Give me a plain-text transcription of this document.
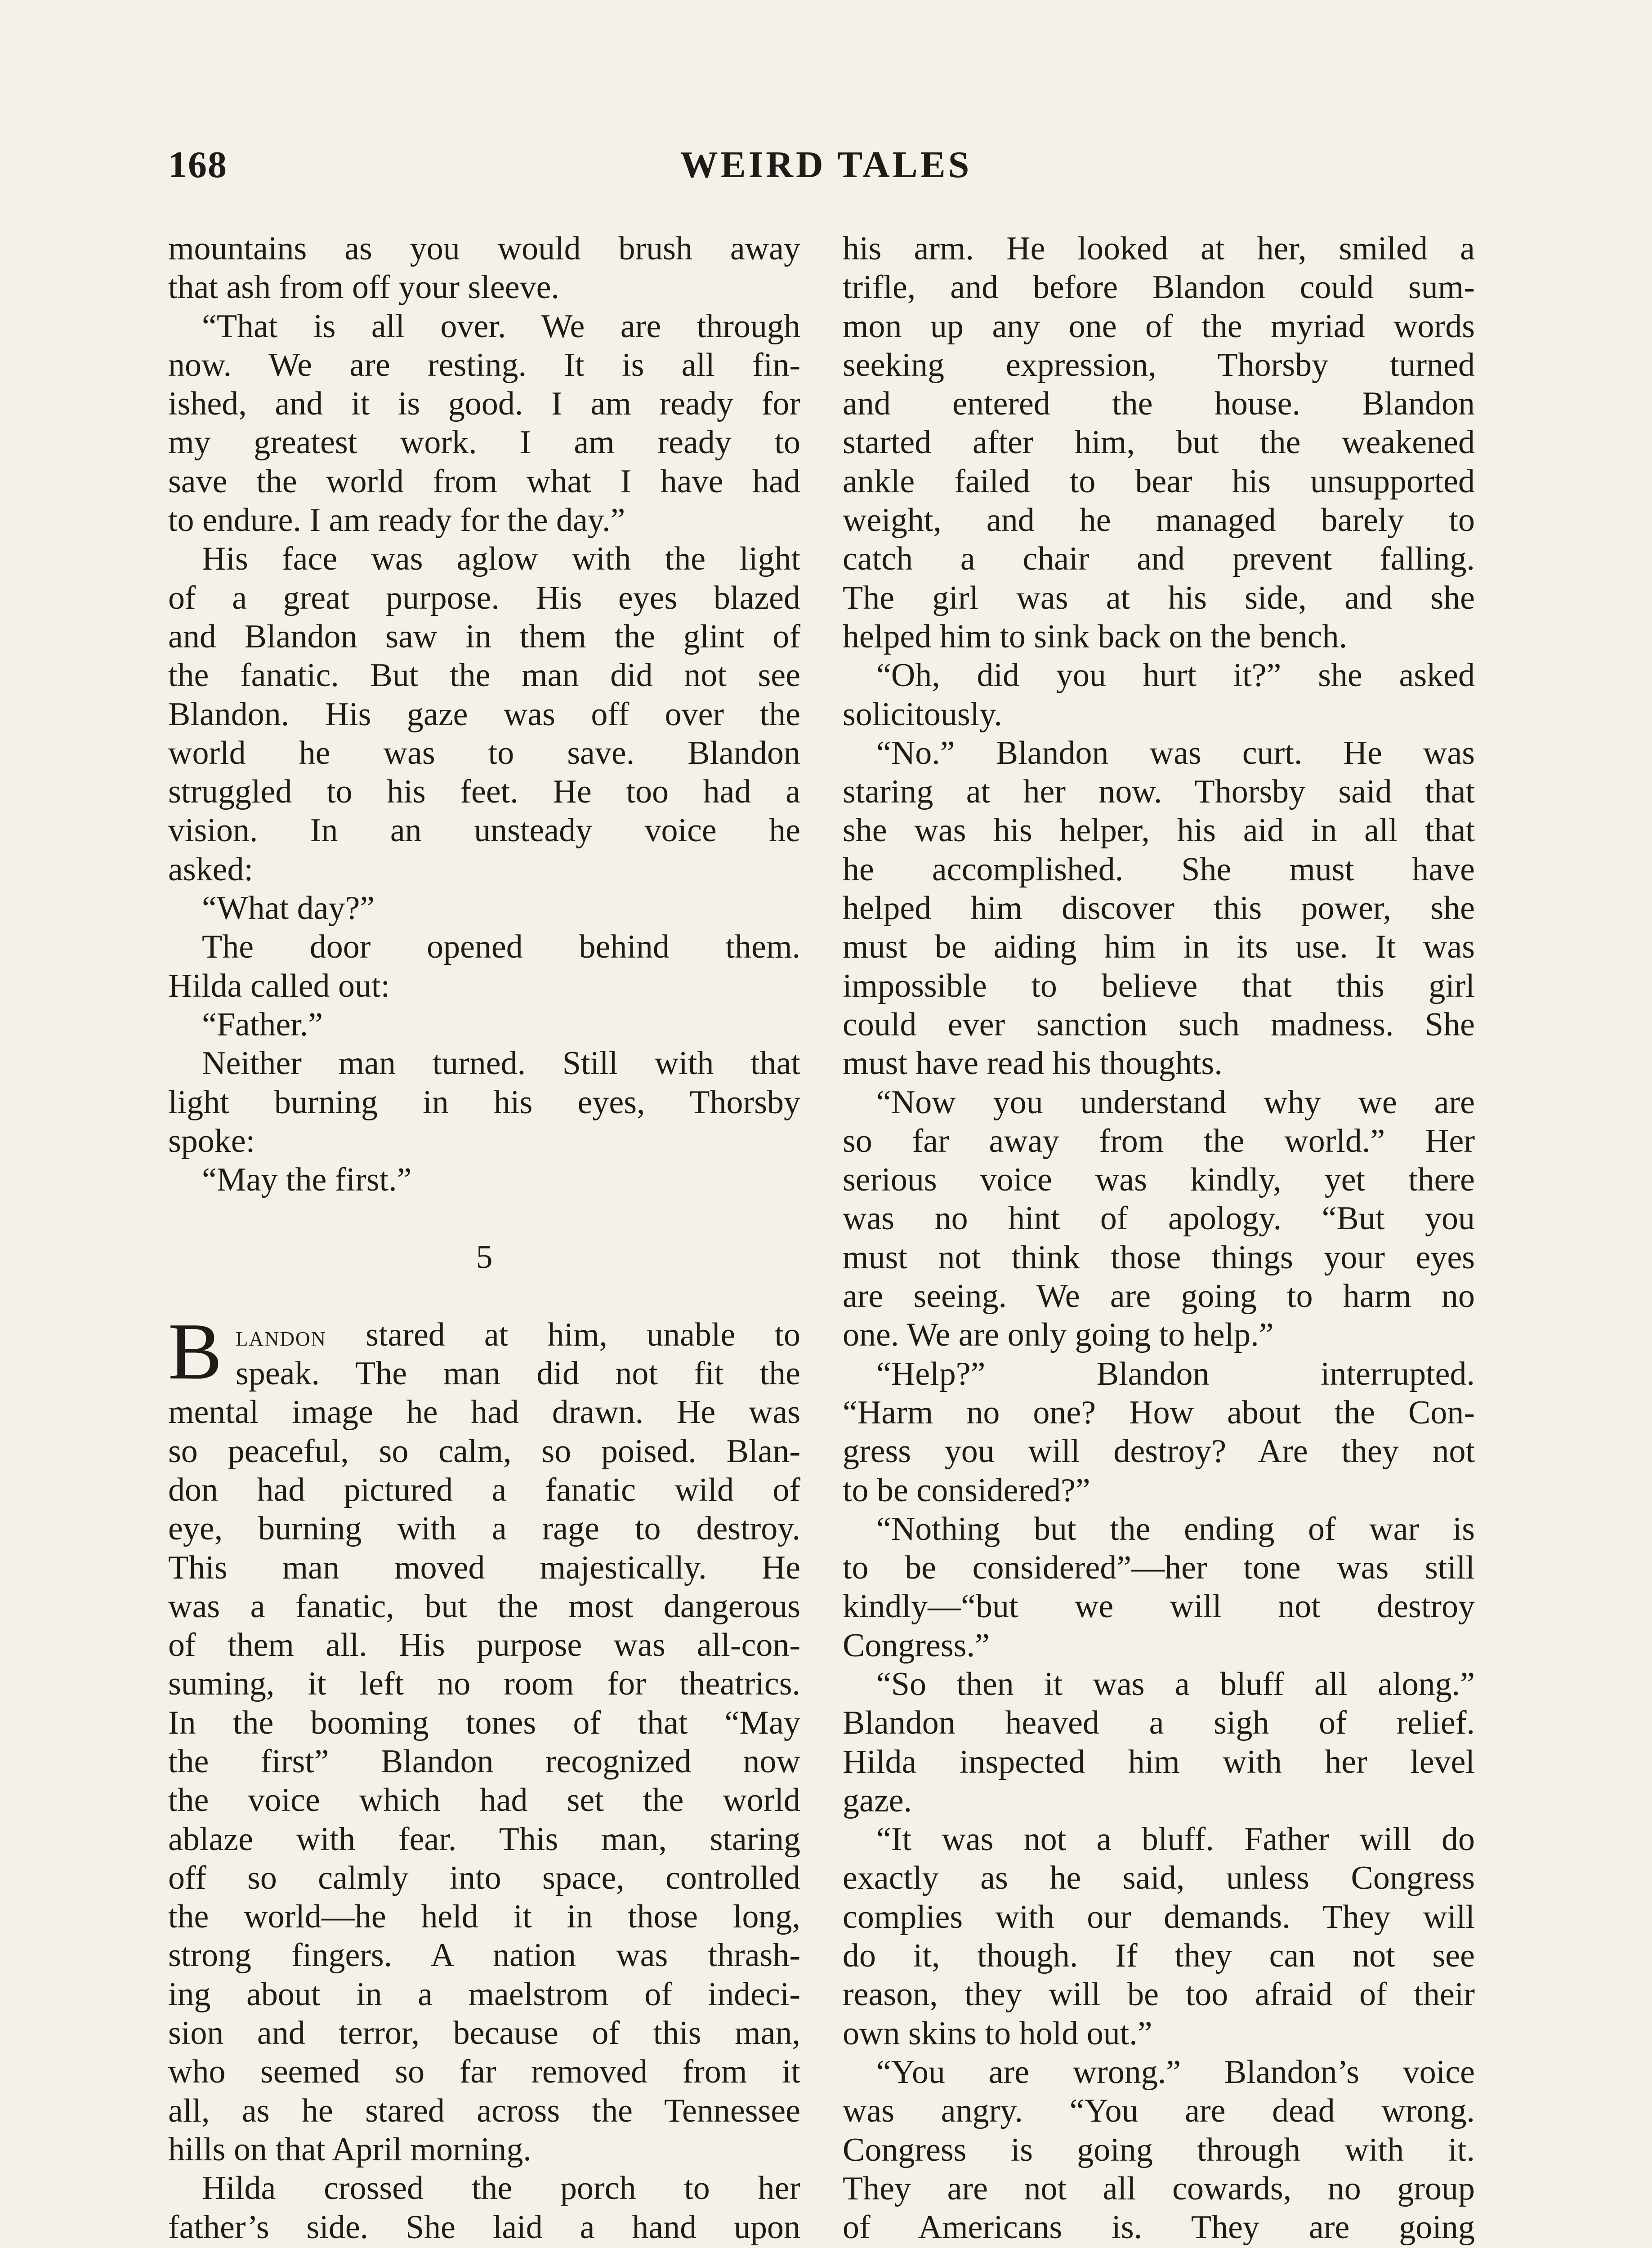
168	WEIRD TALES
mountains as you would brush away
that ash from off your sleeve.
“That is all over. We are through
now. We are resting. It is all fin-
ished, and it is good. I am ready for
my greatest work. I am ready to
save the world from what I have had
to endure. I am ready for the day.”
His face was aglow with the light
of a great purpose. His eyes blazed
and Blandon saw in them the glint of
the fanatic. But the man did not see
Blandon. His gaze was off over the
world he was to save. Blandon
struggled to his feet. He too had a
vision. In an unsteady voice he
asked:
“What day?”
The door opened behind them.
Hilda called out:
“Father.”
Neither man turned. Still with that
light burning in his eyes, Thorsby
spoke:
“May the first.”
5
B landon stared at him, unable to
speak. The man did not fit the
mental image he had drawn. He was
so peaceful, so calm, so poised. Blan-
don had pictured a fanatic wild of
eye, burning with a rage to destroy.
This man moved majestically. He
was a fanatic, but the most dangerous
of them all. His purpose was all-con-
suming, it left no room for theatrics.
In the booming tones of that “May
the first” Blandon recognized now
the voice which had set the world
ablaze with fear. This man, staring
off so calmly into space, controlled
the world—he held it in those long,
strong fingers. A nation was thrash-
ing about in a maelstrom of indeci-
sion and terror, because of this man,
who seemed so far removed from it
all, as he stared across the Tennessee
hills on that April morning.
Hilda crossed the porch to her
father’s side. She laid a hand upon
his arm. He looked at her, smiled a
trifle, and before Blandon could sum-
mon up any one of the myriad words
seeking expression, Thorsby turned
and entered the house. Blandon
started after him, but the weakened
ankle failed to bear his unsupported
weight, and he managed barely to
catch a chair and prevent falling.
The girl was at his side, and she
helped him to sink back on the bench.
“Oh, did you hurt it?” she asked
solicitously.
“No.” Blandon was curt. He was
staring at her now. Thorsby said that
she was his helper, his aid in all that
he accomplished. She must have
helped him discover this power, she
must be aiding him in its use. It was
impossible to believe that this girl
could ever sanction such madness. She
must have read his thoughts.
“Now you understand why we are
so far away from the world.” Her
serious voice was kindly, yet there
was no hint of apology. “But you
must not think those things your eyes
are seeing. We are going to harm no
one. We are only going to help.”
“Help?” Blandon interrupted.
“Harm no one? How about the Con-
gress you will destroy? Are they not
to be considered?”
“Nothing but the ending of war is
to be considered”—her tone was still
kindly—“but we will not destroy
Congress.”
“So then it was a bluff all along.”
Blandon heaved a sigh of relief.
Hilda inspected him with her level
gaze.
“It was not a bluff. Father will do
exactly as he said, unless Congress
complies with our demands. They will
do it, though. If they can not see
reason, they will be too afraid of their
own skins to hold out.”
“You are wrong.” Blandon’s voice
was angry. “You are dead wrong.
Congress is going through with it.
They are not all cowards, no group
of Americans is. They are going
